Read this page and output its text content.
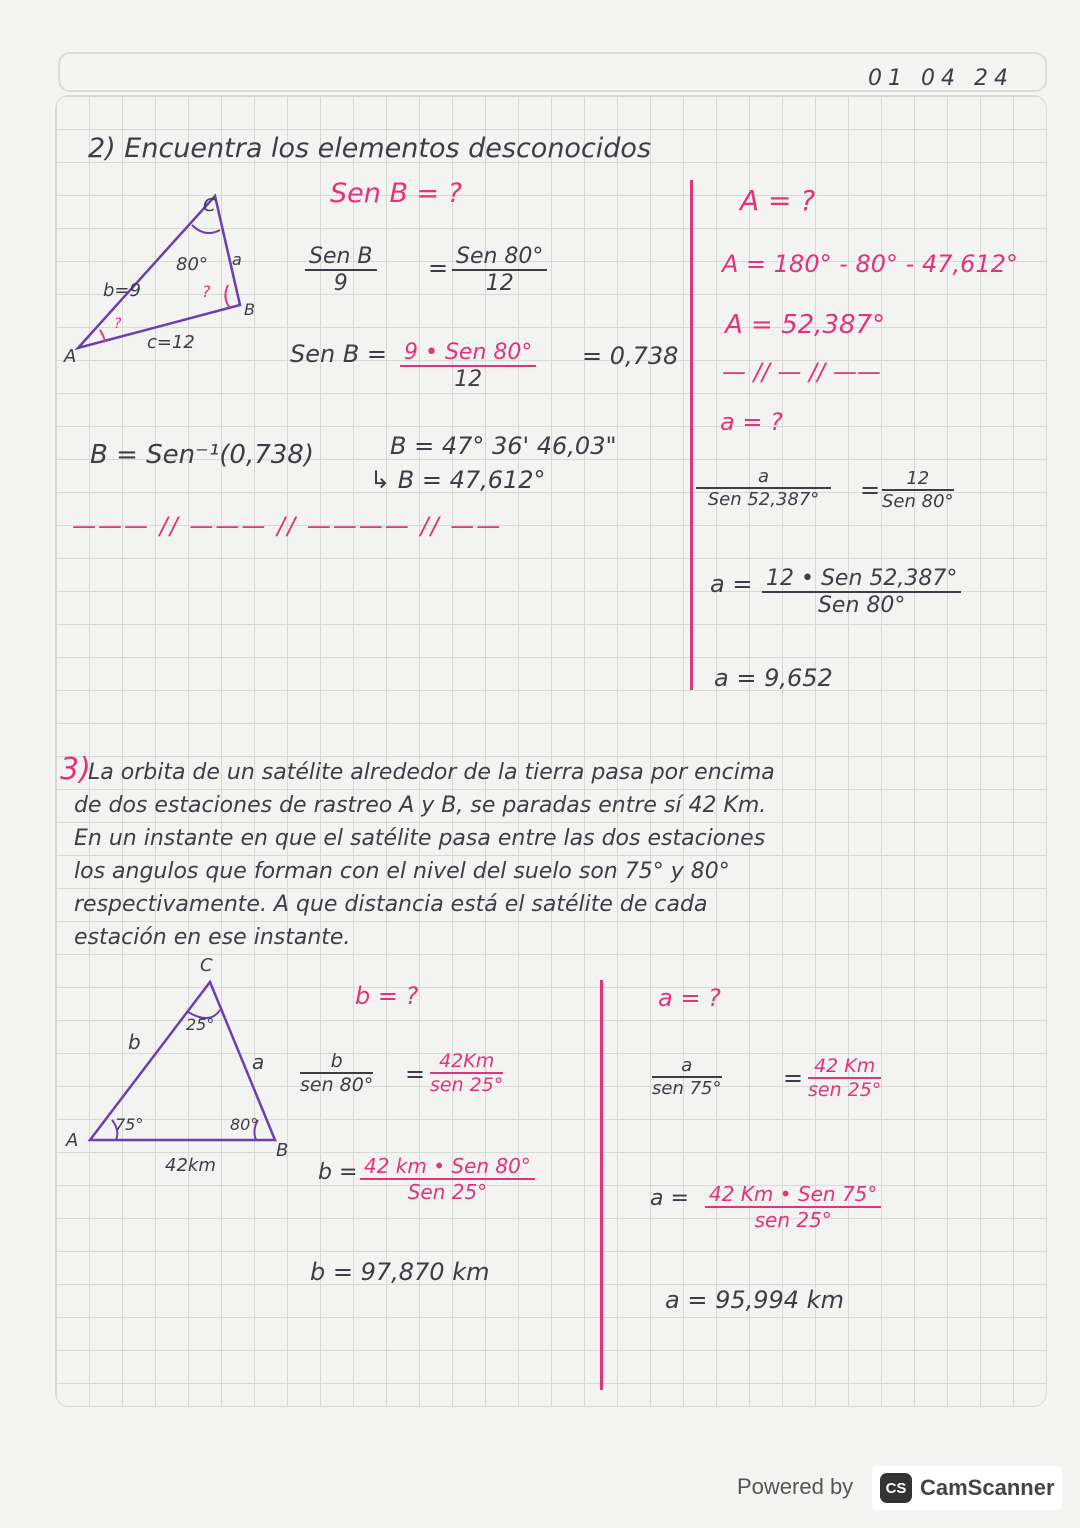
01 04 24
2) Encuentra los elementos desconocidos
C
80° a
b=9	?
B
?
c=12
A
Sen B = ?
Sen B
9
= Sen 80°
12
Sen B = 9 • Sen 80°
12
= 0,738
B = Sen⁻¹(0,738)	B = 47° 36' 46,03"
↳ B = 47,612°
——— // ——— // ———— // ——
A = ?
A = 180° - 80° - 47,612°
A = 52,387°
— // — // ——
a = ?
a
Sen 52,387°	=	12
Sen 80°
a = 12 • Sen 52,387°
Sen 80°
a = 9,652
3)
La orbita de un satélite alrededor de la tierra pasa por encima
de dos estaciones de rastreo A y B, se paradas entre sí 42 Km.
En un instante en que el satélite pasa entre las dos estaciones
los angulos que forman con el nivel del suelo son 75° y 80°
respectivamente. A que distancia está el satélite de cada
estación en ese instante.
C
25°
b
a
75°	80°
A	B
42km
b = ?
b
sen 80° = 42Km
sen 25°
b = 42 km • Sen 80°
Sen 25°
b = 97,870 km
a = ?
a
sen 75°	= 42 Km
sen 25°
a = 42 Km • Sen 75°
sen 25°
a = 95,994 km
Powered by	CS CamScanner
